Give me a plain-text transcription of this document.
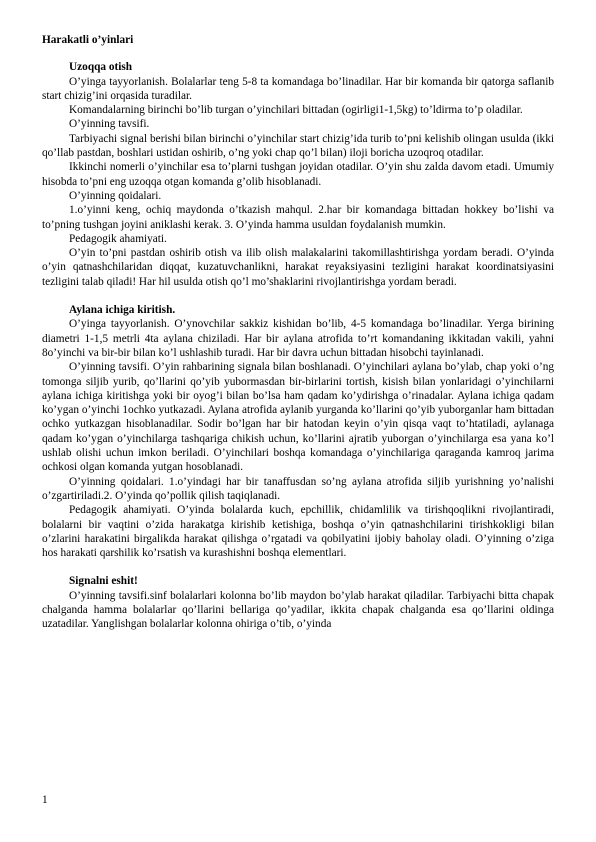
Harakatli o’yinlari

Uzoqqa otish

O’yinga tayyorlanish. Bolalarlar teng 5-8 ta komandaga bo’linadilar. Har bir komanda bir qatorga saflanib start chizig’ini orqasida turadilar.

Komandalarning birinchi bo’lib turgan o’yinchilari bittadan (ogirligi1-1,5kg) to’ldirma to’p oladilar.

O’yinning tavsifi.

Tarbiyachi signal berishi bilan birinchi o’yinchilar start chizig’ida turib to’pni kelishib olingan usulda (ikki qo’llab pastdan, boshlari ustidan oshirib, o’ng yoki chap qo’l bilan) iloji boricha uzoqroq otadilar.

Ikkinchi nomerli o’yinchilar esa to’plarni tushgan joyidan otadilar. O’yin shu zalda davom etadi. Umumiy hisobda to’pni eng uzoqqa otgan komanda g’olib hisoblanadi.

O’yinning qoidalari.

1.o’yinni keng, ochiq maydonda o’tkazish mahqul. 2.har bir komandaga bittadan hokkey bo’lishi va to’pning tushgan joyini aniklashi kerak. 3. O’yinda hamma usuldan foydalanish mumkin.

Pedagogik ahamiyati.

O’yin to’pni pastdan oshirib otish va ilib olish malakalarini takomillashtirishga yordam beradi. O’yinda o’yin qatnashchilaridan diqqat, kuzatuvchanlikni, harakat reyaksiyasini tezligini harakat koordinatsiyasini tezligini talab qiladi! Har hil usulda otish qo’l mo’shaklarini rivojlantirishga yordam beradi.

Aylana ichiga kiritish.

O’yinga tayyorlanish. O’ynovchilar sakkiz kishidan bo’lib, 4-5 komandaga bo’linadilar. Yerga birining diametri 1-1,5 metrli 4ta aylana chiziladi. Har bir aylana atrofida to’rt komandaning ikkitadan vakili, yahni 8o’yinchi va bir-bir bilan ko’l ushlashib turadi. Har bir davra uchun bittadan hisobchi tayinlanadi.

O’yinning tavsifi. O’yin rahbarining signala bilan boshlanadi. O’yinchilari aylana bo’ylab, chap yoki o’ng tomonga siljib yurib, qo’llarini qo’yib yubormasdan bir-birlarini tortish, kisish bilan yonlaridagi o’yinchilarni aylana ichiga kiritishga yoki bir oyog’i bilan bo’lsa ham qadam ko’ydirishga o’rinadalar. Aylana ichiga qadam ko’ygan o’yinchi 1ochko yutkazadi. Aylana atrofida aylanib yurganda ko’llarini qo’yib yuborganlar ham bittadan ochko yutkazgan hisoblanadilar. Sodir bo’lgan har bir hatodan keyin o’yin qisqa vaqt to’htatiladi, aylanaga qadam ko’ygan o’yinchilarga tashqariga chikish uchun, ko’llarini ajratib yuborgan o’yinchilarga esa yana ko’l ushlab olishi uchun imkon beriladi. O’yinchilari boshqa komandaga o’yinchilariga qaraganda kamroq jarima ochkosi olgan komanda yutgan hosoblanadi.

O’yinning qoidalari. 1.o’yindagi har bir tanaffusdan so’ng aylana atrofida siljib yurishning yo’nalishi o’zgartiriladi.2. O’yinda qo’pollik qilish taqiqlanadi.

Pedagogik ahamiyati. O’yinda bolalarda kuch, epchillik, chidamlilik va tirishqoqlikni rivojlantiradi, bolalarni bir vaqtini o’zida harakatga kirishib ketishiga, boshqa o’yin qatnashchilarini tirishkokligi bilan o’zlarini harakatini birgalikda harakat qilishga o’rgatadi va qobilyatini ijobiy baholay oladi. O’yinning o’ziga hos harakati qarshilik ko’rsatish va kurashishni boshqa elementlari.

Signalni eshit!

O’yinning tavsifi.sinf bolalarlari kolonna bo’lib maydon bo’ylab harakat qiladilar. Tarbiyachi bitta chapak chalganda hamma bolalarlar qo’llarini bellariga qo’yadilar, ikkita chapak chalganda esa qo’llarini oldinga uzatadilar. Yanglishgan bolalarlar kolonna ohiriga o’tib, o’yinda

1
